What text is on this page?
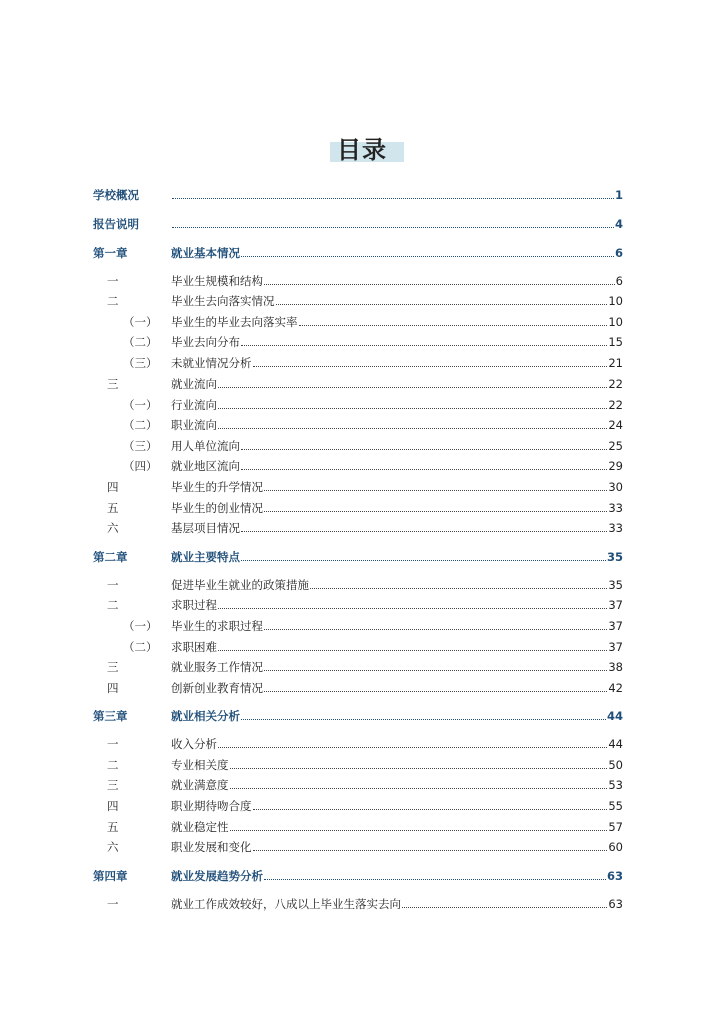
目录
学校概况	1
报告说明	4
第一章	就业基本情况	6
一	毕业生规模和结构	6
二	毕业生去向落实情况	10
（一）	毕业生的毕业去向落实率	10
（二）	毕业去向分布	15
（三）	未就业情况分析	21
三	就业流向	22
（一）	行业流向	22
（二）	职业流向	24
（三）	用人单位流向	25
（四）	就业地区流向	29
四	毕业生的升学情况	30
五	毕业生的创业情况	33
六	基层项目情况	33
第二章	就业主要特点	35
一	促进毕业生就业的政策措施	35
二	求职过程	37
（一）	毕业生的求职过程	37
（二）	求职困难	37
三	就业服务工作情况	38
四	创新创业教育情况	42
第三章	就业相关分析	44
一	收入分析	44
二	专业相关度	50
三	就业满意度	53
四	职业期待吻合度	55
五	就业稳定性	57
六	职业发展和变化	60
第四章	就业发展趋势分析	63
一	就业工作成效较好，八成以上毕业生落实去向	63
